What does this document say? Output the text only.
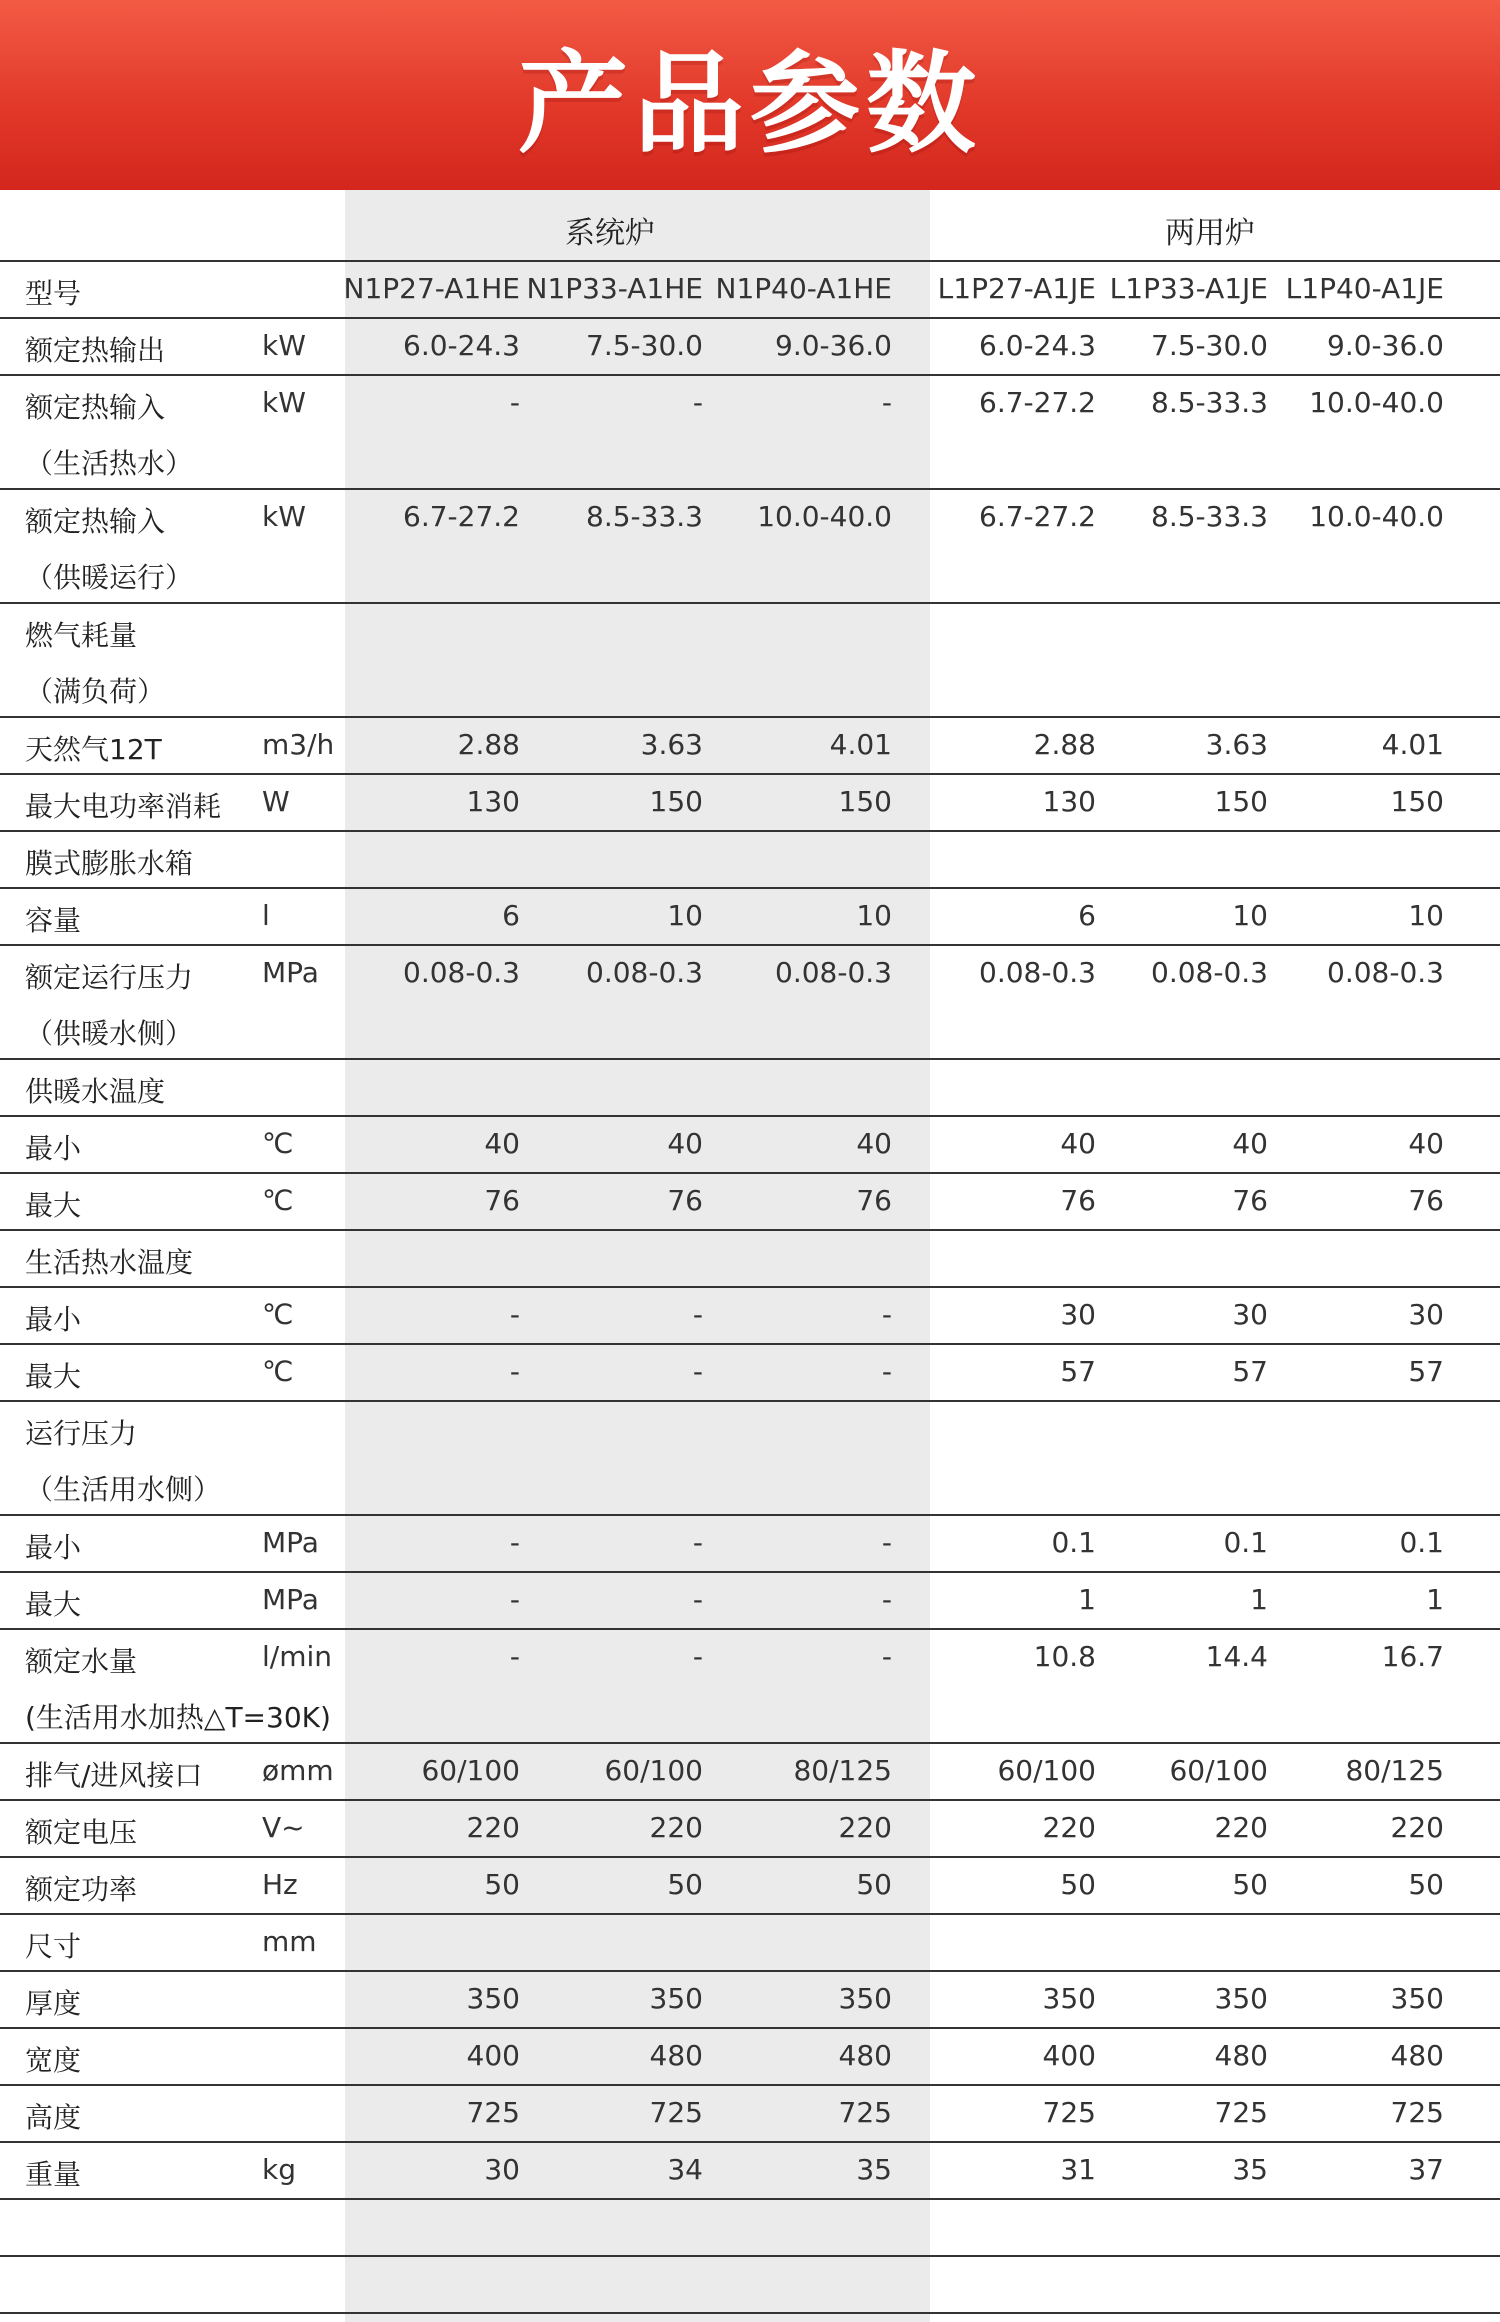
产品参数
系统炉	两用炉
型号	N1P27-A1HE N1P33-A1HE N1P40-A1HE L1P27-A1JE L1P33-A1JE L1P40-A1JE
额定热输出	kW	6.0-24.3 7.5-30.0	9.0-36.0	6.0-24.3 7.5-30.0 9.0-36.0
额定热输入
（生活热水）
kW	-	-	-	6.7-27.2 8.5-33.3 10.0-40.0
额定热输入
（供暖运行）
kW	6.7-27.2 8.5-33.3 10.0-40.0	6.7-27.2 8.5-33.3 10.0-40.0
燃气耗量
（满负荷）
天然气12T	m3/h	2.88	3.63	4.01	2.88	3.63	4.01
最大电功率消耗 W	130	150	150	130	150	150
膜式膨胀水箱
容量	l	6	10	10	6	10	10
额定运行压力
（供暖水侧）
MPa	0.08-0.3 0.08-0.3	0.08-0.3	0.08-0.3 0.08-0.3 0.08-0.3
供暖水温度
最小	℃	40	40	40	40	40	40
最大	℃	76	76	76	76	76	76
生活热水温度
最小	℃	-	-	-	30	30	30
最大	℃	-	-	-	57	57	57
运行压力
（生活用水侧）
最小	MPa	-	-	-	0.1	0.1	0.1
最大	MPa	-	-	-	1	1	1
额定水量
(生活用水加热△T=30K)
l/min	-	-	-	10.8	14.4	16.7
排气/进风接口 ømm	60/100	60/100	80/125	60/100	60/100	80/125
额定电压	V~	220	220	220	220	220	220
额定功率	Hz	50	50	50	50	50	50
尺寸	mm
厚度	350	350	350	350	350	350
宽度	400	480	480	400	480	480
高度	725	725	725	725	725	725
重量	kg	30	34	35	31	35	37
